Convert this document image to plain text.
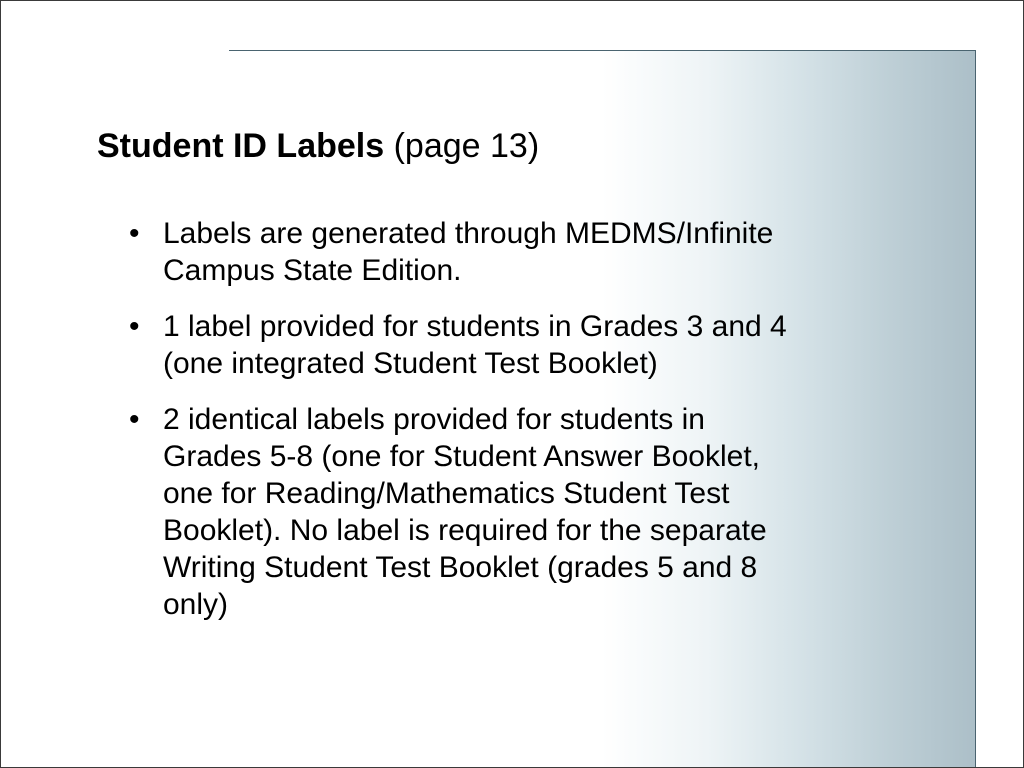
Student ID Labels (page 13)
• Labels are generated through MEDMS/Infinite
Campus State Edition.
• 1 label provided for students in Grades 3 and 4
(one integrated Student Test Booklet)
• 2 identical labels provided for students in
Grades 5-8 (one for Student Answer Booklet,
one for Reading/Mathematics Student Test
Booklet). No label is required for the separate
Writing Student Test Booklet (grades 5 and 8
only)
